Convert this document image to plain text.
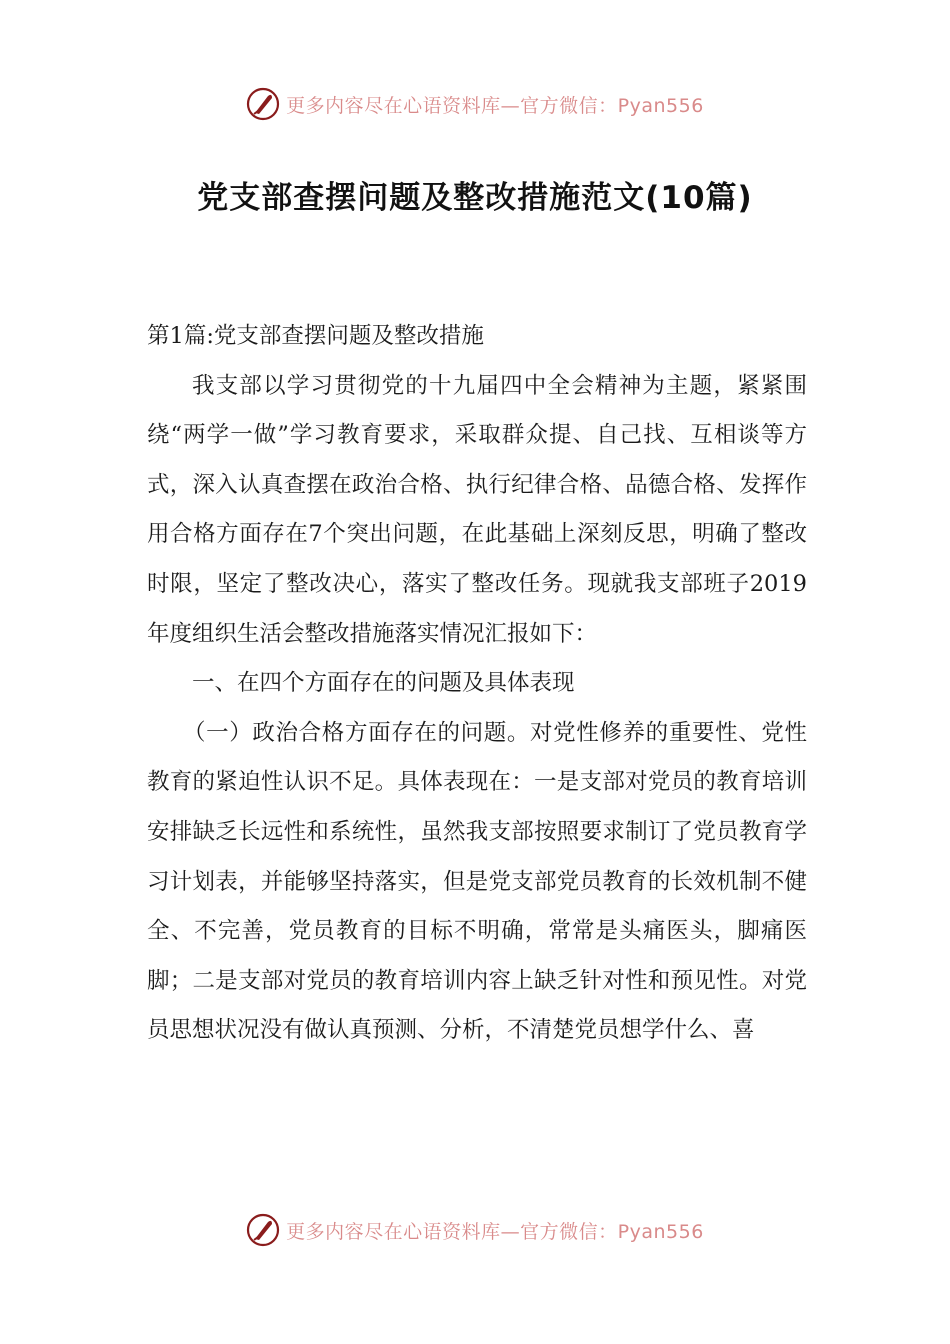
更多内容尽在心语资料库—官方微信：Pyan556
党支部查摆问题及整改措施范文(10篇)

第1篇:党支部查摆问题及整改措施

我支部以学习贯彻党的十九届四中全会精神为主题，紧紧围绕“两学一做”学习教育要求，采取群众提、自己找、互相谈等方式，深入认真查摆在政治合格、执行纪律合格、品德合格、发挥作用合格方面存在7个突出问题，在此基础上深刻反思，明确了整改时限，坚定了整改决心，落实了整改任务。现就我支部班子2019年度组织生活会整改措施落实情况汇报如下：

一、在四个方面存在的问题及具体表现

（一）政治合格方面存在的问题。对党性修养的重要性、党性教育的紧迫性认识不足。具体表现在：一是支部对党员的教育培训安排缺乏长远性和系统性，虽然我支部按照要求制订了党员教育学习计划表，并能够坚持落实，但是党支部党员教育的长效机制不健全、不完善，党员教育的目标不明确，常常是头痛医头，脚痛医脚；二是支部对党员的教育培训内容上缺乏针对性和预见性。对党员思想状况没有做认真预测、分析，不清楚党员想学什么、喜

更多内容尽在心语资料库—官方微信：Pyan556
